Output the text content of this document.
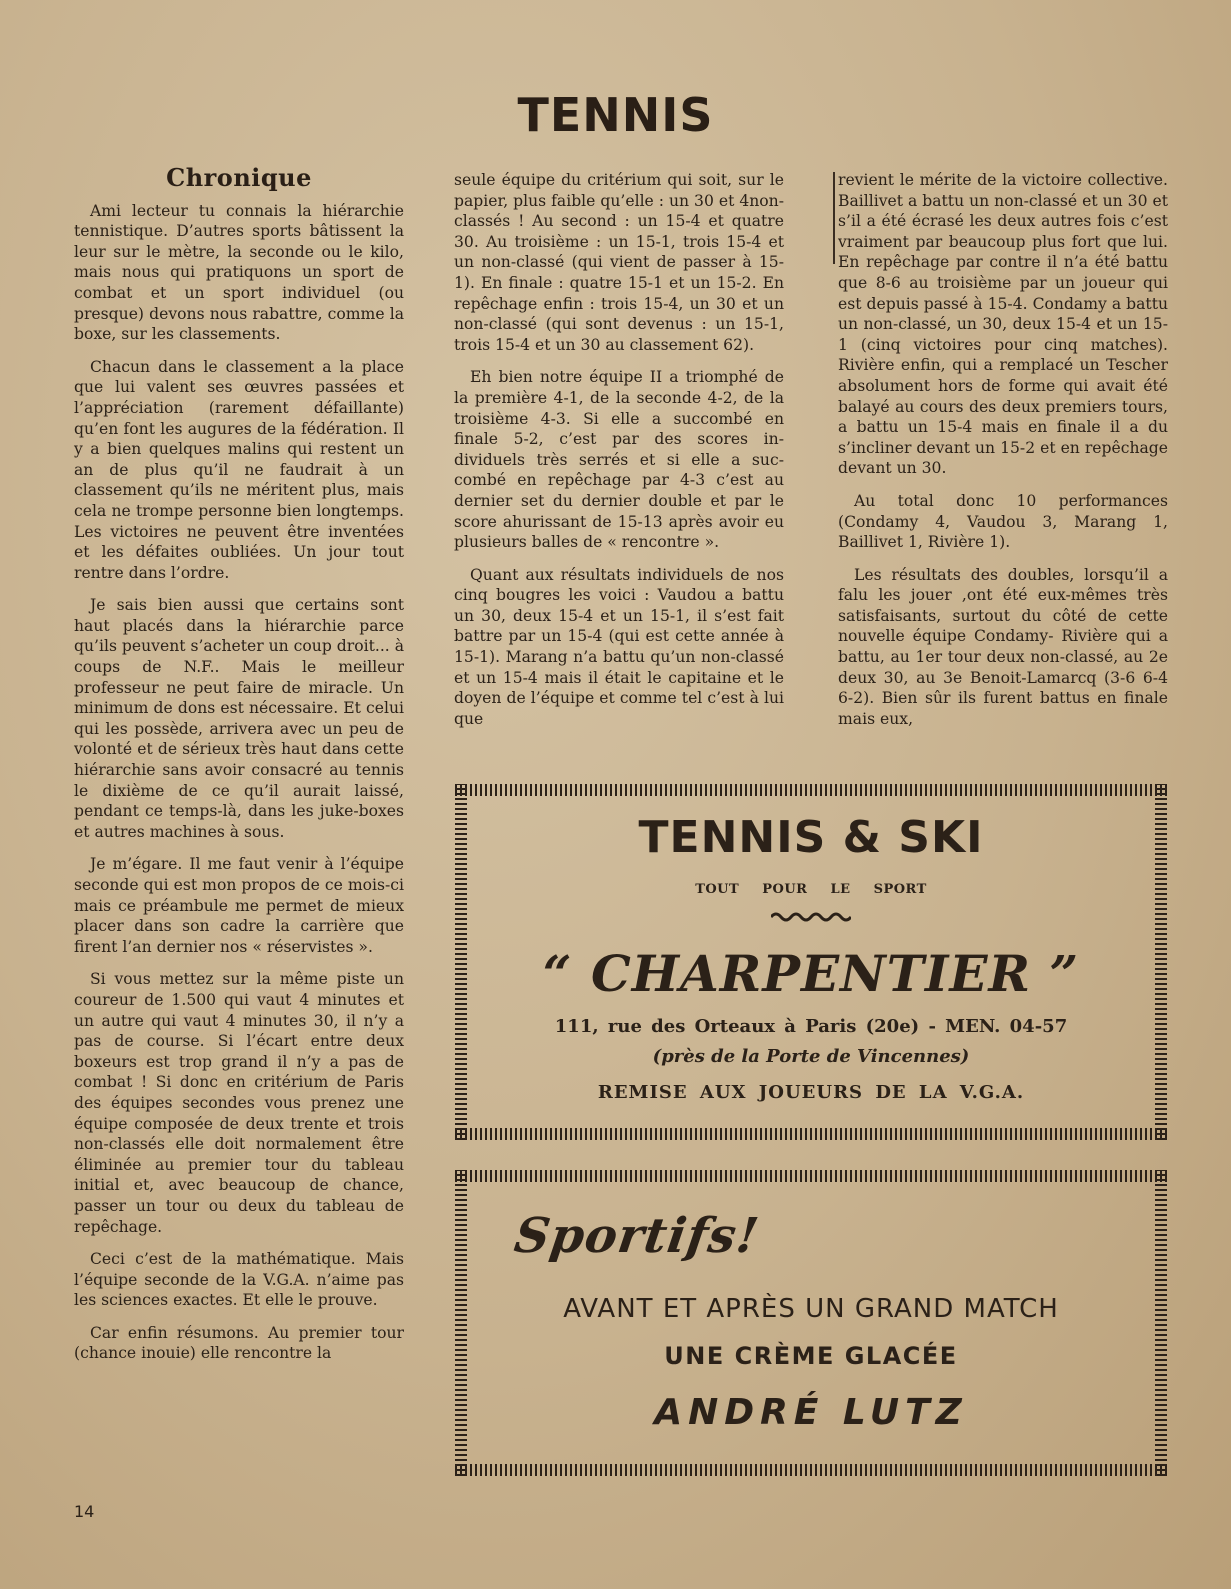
TENNIS
Chronique

Ami lecteur tu connais la hiérarchie tennistique. D’autres sports bâtissent la leur sur le mètre, la seconde ou le kilo, mais nous qui pratiquons un sport de combat et un sport individuel (ou presque) devons nous rabattre, comme la boxe, sur les classements.

Chacun dans le classement a la place que lui valent ses œuvres passées et l’appréciation (rarement défaillante) qu’en font les augures de la fédération. Il y a bien quelques malins qui restent un an de plus qu’il ne faudrait à un classement qu’ils ne méritent plus, mais cela ne trompe personne bien longtemps. Les victoires ne peuvent être inventées et les défaites oubliées. Un jour tout rentre dans l’ordre.

Je sais bien aussi que certains sont haut placés dans la hiérarchie parce qu’ils peuvent s’acheter un coup droit... à coups de N.F.. Mais le meilleur professeur ne peut faire de miracle. Un minimum de dons est nécessaire. Et celui qui les possède, arrivera avec un peu de volonté et de sérieux très haut dans cette hiérarchie sans avoir consacré au tennis le dixième de ce qu’il aurait laissé, pendant ce temps-là, dans les juke-boxes et autres machines à sous.

Je m’égare. Il me faut venir à l’équipe seconde qui est mon propos de ce mois-ci mais ce préambule me permet de mieux placer dans son cadre la carrière que firent l’an dernier nos « réservistes ».

Si vous mettez sur la même piste un coureur de 1.500 qui vaut 4 minutes et un autre qui vaut 4 minutes 30, il n’y a pas de course. Si l’écart entre deux boxeurs est trop grand il n’y a pas de combat ! Si donc en critérium de Paris des équipes secondes vous prenez une équipe composée de deux trente et trois non-classés elle doit normalement être éliminée au premier tour du tableau initial et, avec beaucoup de chance, passer un tour ou deux du tableau de repêchage.

Ceci c’est de la mathématique. Mais l’équipe seconde de la V.G.A. n’aime pas les sciences exactes. Et elle le prouve.

Car enfin résumons. Au premier tour (chance inouie) elle rencontre la

seule équipe du critérium qui soit, sur le papier, plus faible qu’elle : un 30 et 4non-classés ! Au second : un 15-4 et quatre 30. Au troisième : un 15-1, trois 15-4 et un non-classé (qui vient de passer à 15-1). En finale : quatre 15-1 et un 15-2. En repêchage enfin : trois 15-4, un 30 et un non-classé (qui sont devenus : un 15-1, trois 15-4 et un 30 au classement 62).

Eh bien notre équipe II a triomphé de la première 4-1, de la seconde 4-2, de la troisième 4-3. Si elle a succombé en finale 5-2, c’est par des scores individuels très serrés et si elle a succombé en repêchage par 4-3 c’est au dernier set du dernier double et par le score ahurissant de 15-13 après avoir eu plusieurs balles de « rencontre ».

Quant aux résultats individuels de nos cinq bougres les voici : Vaudou a battu un 30, deux 15-4 et un 15-1, il s’est fait battre par un 15-4 (qui est cette année à 15-1). Marang n’a battu qu’un non-classé et un 15-4 mais il était le capitaine et le doyen de l’équipe et comme tel c’est à lui que

revient le mérite de la victoire collective. Baillivet a battu un non-classé et un 30 et s’il a été écrasé les deux autres fois c’est vraiment par beaucoup plus fort que lui. En repêchage par contre il n’a été battu que 8-6 au troisième par un joueur qui est depuis passé à 15-4. Condamy a battu un non-classé, un 30, deux 15-4 et un 15-1 (cinq victoires pour cinq matches). Rivière enfin, qui a remplacé un Tescher absolument hors de forme qui avait été balayé au cours des deux premiers tours, a battu un 15-4 mais en finale il a du s’incliner devant un 15-2 et en repêchage devant un 30.

Au total donc 10 performances (Condamy 4, Vaudou 3, Marang 1, Baillivet 1, Rivière 1).

Les résultats des doubles, lorsqu’il a falu les jouer ,ont été eux-mêmes très satisfaisants, surtout du côté de cette nouvelle équipe Condamy- Rivière qui a battu, au 1er tour deux non-classé, au 2e deux 30, au 3e Benoit-Lamarcq (3-6 6-4 6-2). Bien sûr ils furent battus en finale mais eux,

TENNIS & SKI
TOUT POUR LE SPORT
“ CHARPENTIER ”
111, rue des Orteaux à Paris (20e) - MEN. 04-57
(près de la Porte de Vincennes)
REMISE AUX JOUEURS DE LA V.G.A.
Sportifs!
AVANT ET APRÈS UN GRAND MATCH
UNE CRÈME GLACÉE
ANDRÉ LUTZ
14
